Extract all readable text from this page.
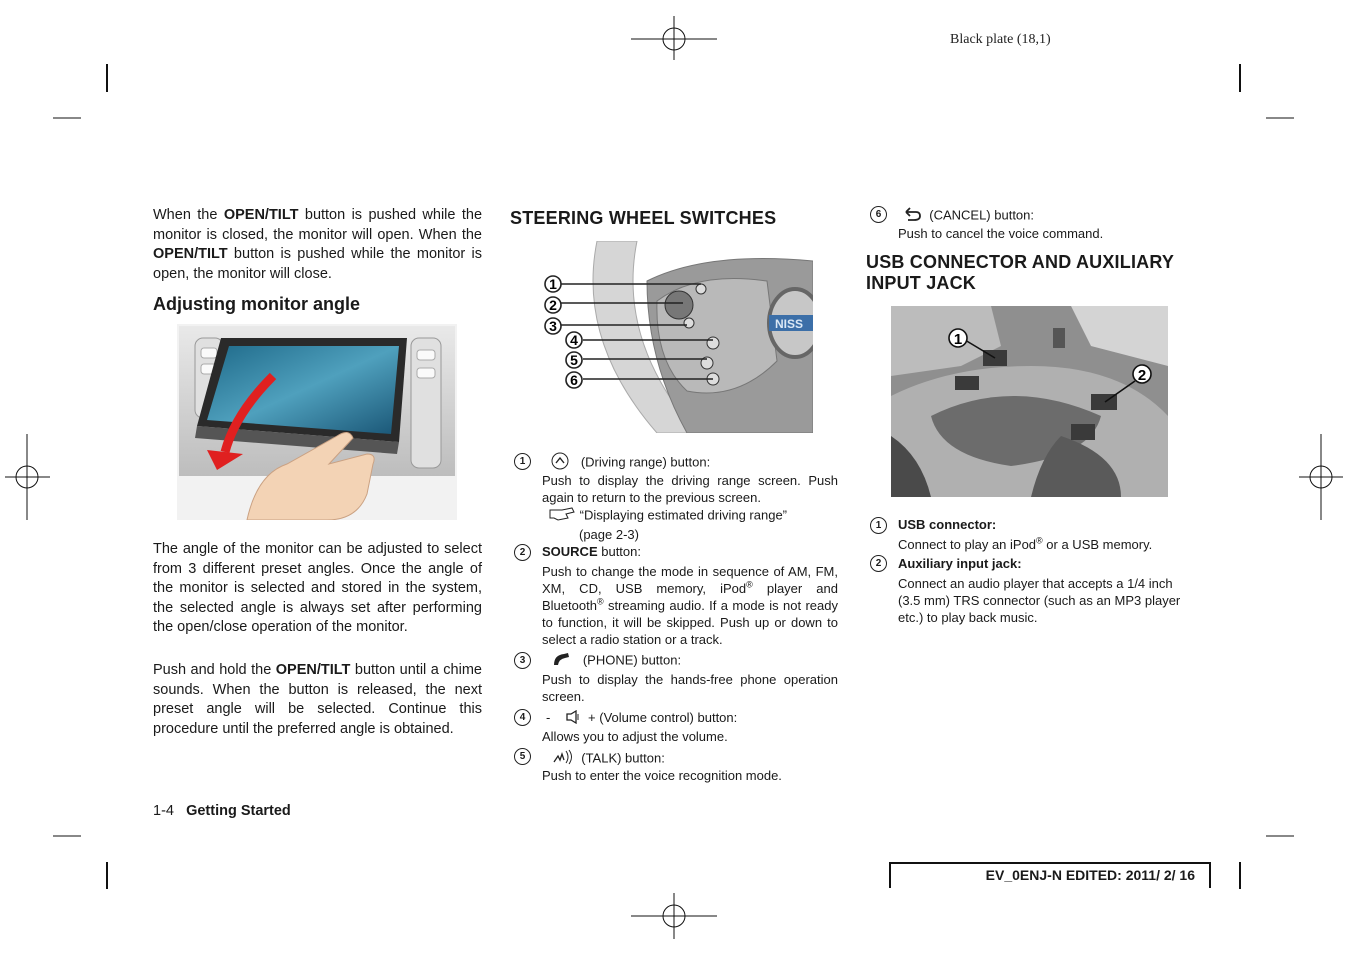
Black plate (18,1)
When the OPEN/TILT button is pushed while the monitor is closed, the monitor will open. When the OPEN/TILT button is pushed while the monitor is open, the monitor will close.
Adjusting monitor angle
The angle of the monitor can be adjusted to select from 3 different preset angles. Once the angle of the monitor is selected and stored in the system, the selected angle is always set after performing the open/close operation of the monitor.
Push and hold the OPEN/TILT button until a chime sounds. When the button is released, the next preset angle will be selected. Continue this procedure until the preferred angle is obtained.
STEERING WHEEL SWITCHES
NISS
1
2
3
4
5
6
1	(Driving range) button:
Push to display the driving range screen. Push again to return to the previous screen.
“Displaying estimated driving range”
(page 2-3)
2	SOURCE button:
Push to change the mode in sequence of AM, FM, XM, CD, USB memory, iPod® player and Bluetooth® streaming audio. If a mode is not ready to function, it will be skipped. Push up or down to select a radio station or a track.
3	(PHONE) button:
Push to display the hands-free phone operation screen.
4	-	+ (Volume control) button:
Allows you to adjust the volume.
5	(TALK) button:
Push to enter the voice recognition mode.
6	(CANCEL) button:
Push to cancel the voice command.
USB CONNECTOR AND AUXILIARY
INPUT JACK
1
2
1	USB connector:
Connect to play an iPod® or a USB memory.
2	Auxiliary input jack:
Connect an audio player that accepts a 1/4 inch (3.5 mm) TRS connector (such as an MP3 player etc.) to play back music.
1-4 Getting Started
EV_0ENJ-N EDITED: 2011/ 2/ 16
